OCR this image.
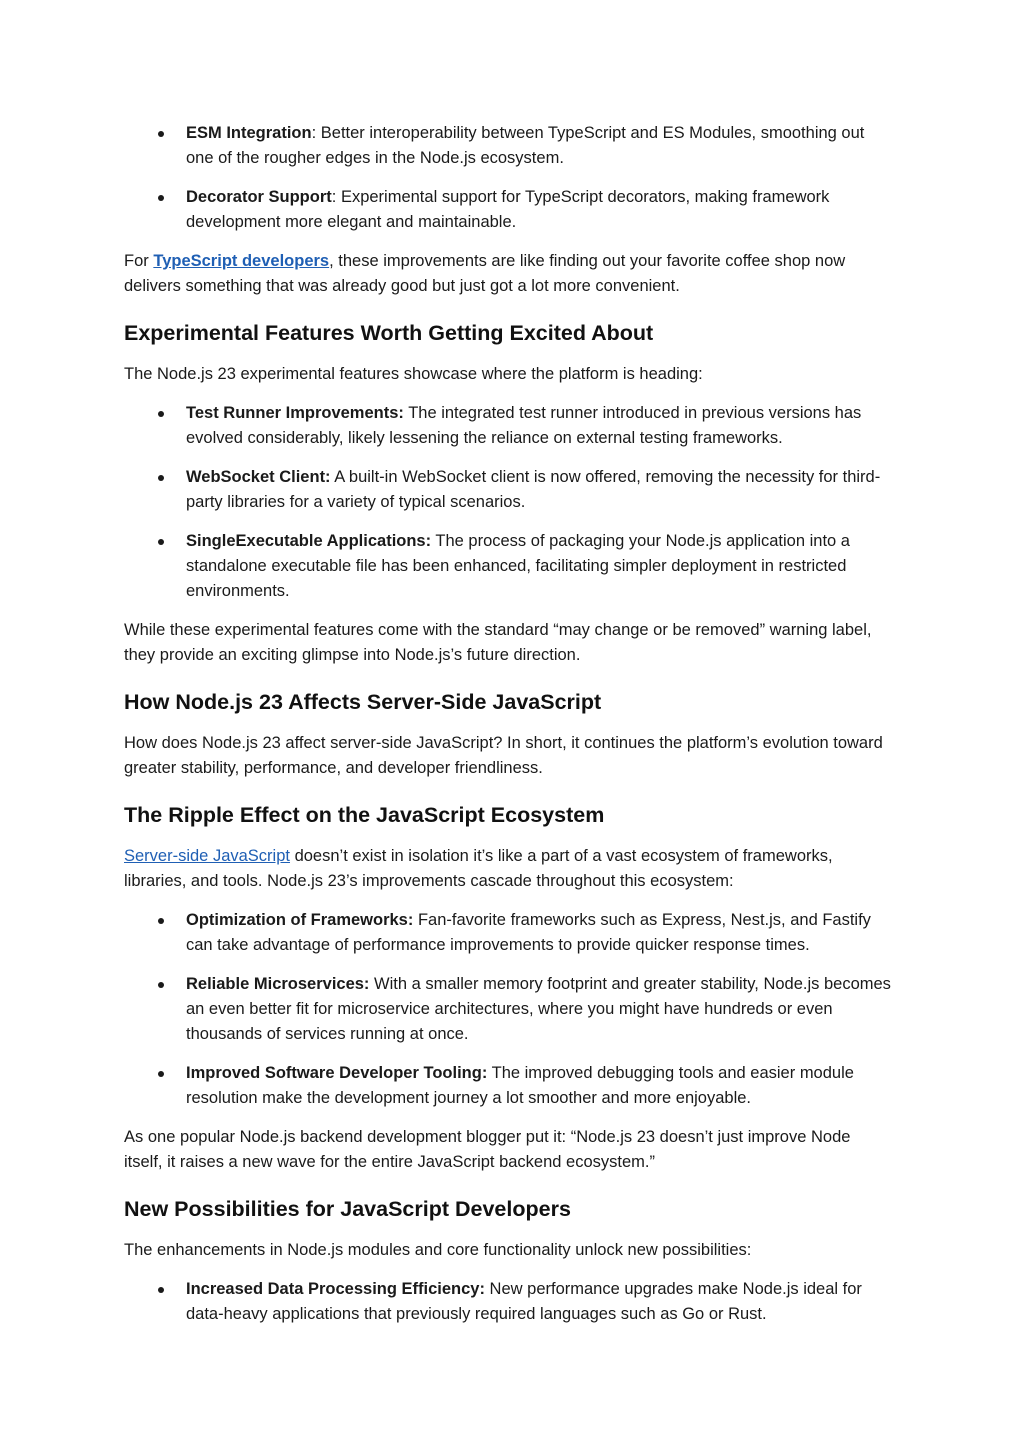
ESM Integration: Better interoperability between TypeScript and ES Modules, smoothing out one of the rougher edges in the Node.js ecosystem.
Decorator Support: Experimental support for TypeScript decorators, making framework development more elegant and maintainable.

For TypeScript developers, these improvements are like finding out your favorite coffee shop now delivers something that was already good but just got a lot more convenient.

Experimental Features Worth Getting Excited About

The Node.js 23 experimental features showcase where the platform is heading:

Test Runner Improvements: The integrated test runner introduced in previous versions has evolved considerably, likely lessening the reliance on external testing frameworks.
WebSocket Client: A built-in WebSocket client is now offered, removing the necessity for third-party libraries for a variety of typical scenarios.
SingleExecutable Applications: The process of packaging your Node.js application into a standalone executable file has been enhanced, facilitating simpler deployment in restricted environments.

While these experimental features come with the standard “may change or be removed” warning label, they provide an exciting glimpse into Node.js’s future direction.

How Node.js 23 Affects Server-Side JavaScript

How does Node.js 23 affect server-side JavaScript? In short, it continues the platform’s evolution toward greater stability, performance, and developer friendliness.

The Ripple Effect on the JavaScript Ecosystem

Server-side JavaScript doesn’t exist in isolation it’s like a part of a vast ecosystem of frameworks, libraries, and tools. Node.js 23’s improvements cascade throughout this ecosystem:

Optimization of Frameworks: Fan-favorite frameworks such as Express, Nest.js, and Fastify can take advantage of performance improvements to provide quicker response times.
Reliable Microservices: With a smaller memory footprint and greater stability, Node.js becomes an even better fit for microservice architectures, where you might have hundreds or even thousands of services running at once.
Improved Software Developer Tooling: The improved debugging tools and easier module resolution make the development journey a lot smoother and more enjoyable.

As one popular Node.js backend development blogger put it: “Node.js 23 doesn’t just improve Node itself, it raises a new wave for the entire JavaScript backend ecosystem.”

New Possibilities for JavaScript Developers

The enhancements in Node.js modules and core functionality unlock new possibilities:

Increased Data Processing Efficiency: New performance upgrades make Node.js ideal for data-heavy applications that previously required languages such as Go or Rust.
